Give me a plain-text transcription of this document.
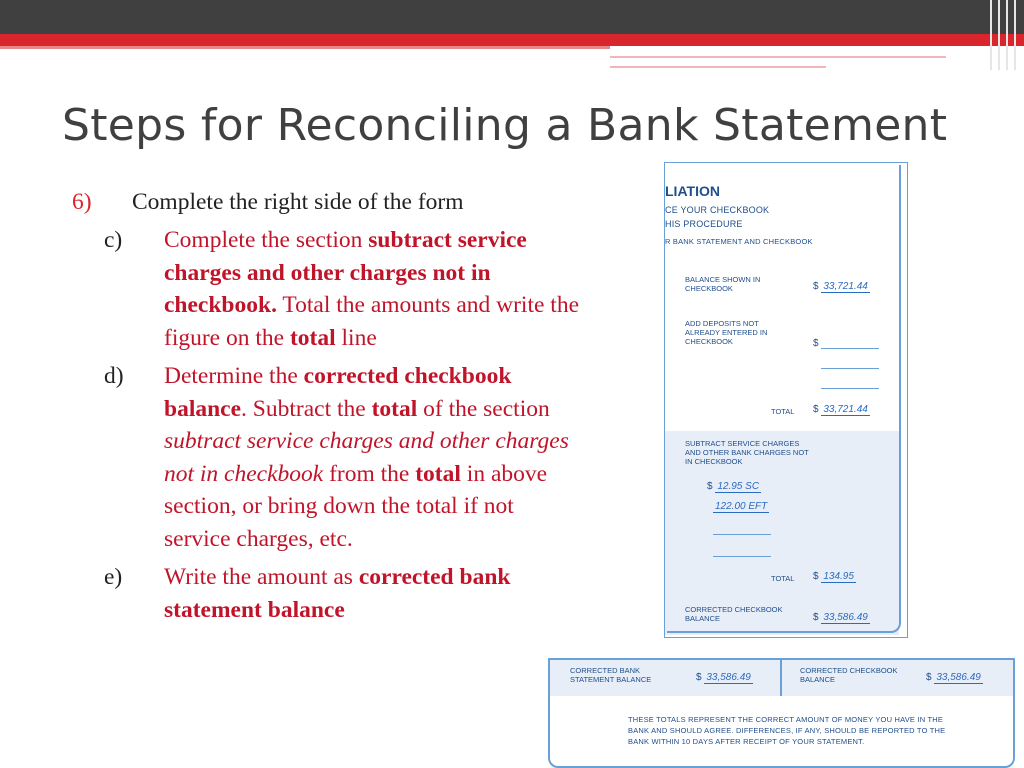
Steps for Reconciling a Bank Statement
6)	Complete the right side of the form
c)	Complete the section subtract service charges and other charges not in checkbook. Total the amounts and write the figure on the total line
d)	Determine the corrected checkbook balance. Subtract the total of the section subtract service charges and other charges not in checkbook from the total in above section, or bring down the total if not service charges, etc.
e)	Write the amount as corrected bank statement balance
LIATION
CE YOUR CHECKBOOK
HIS PROCEDURE
R BANK STATEMENT AND CHECKBOOK
BALANCE SHOWN IN CHECKBOOK	$ 33,721.44
ADD DEPOSITS NOT ALREADY ENTERED IN CHECKBOOK	$
TOTAL $ 33,721.44
SUBTRACT SERVICE CHARGES AND OTHER BANK CHARGES NOT IN CHECKBOOK
$ 12.95 SC
122.00 EFT
TOTAL $ 134.95
CORRECTED CHECKBOOK BALANCE	$ 33,586.49
CORRECTED BANK STATEMENT BALANCE	$ 33,586.49
CORRECTED CHECKBOOK BALANCE	$ 33,586.49
THESE TOTALS REPRESENT THE CORRECT AMOUNT OF MONEY YOU HAVE IN THE BANK AND SHOULD AGREE. DIFFERENCES, IF ANY, SHOULD BE REPORTED TO THE BANK WITHIN 10 DAYS AFTER RECEIPT OF YOUR STATEMENT.
